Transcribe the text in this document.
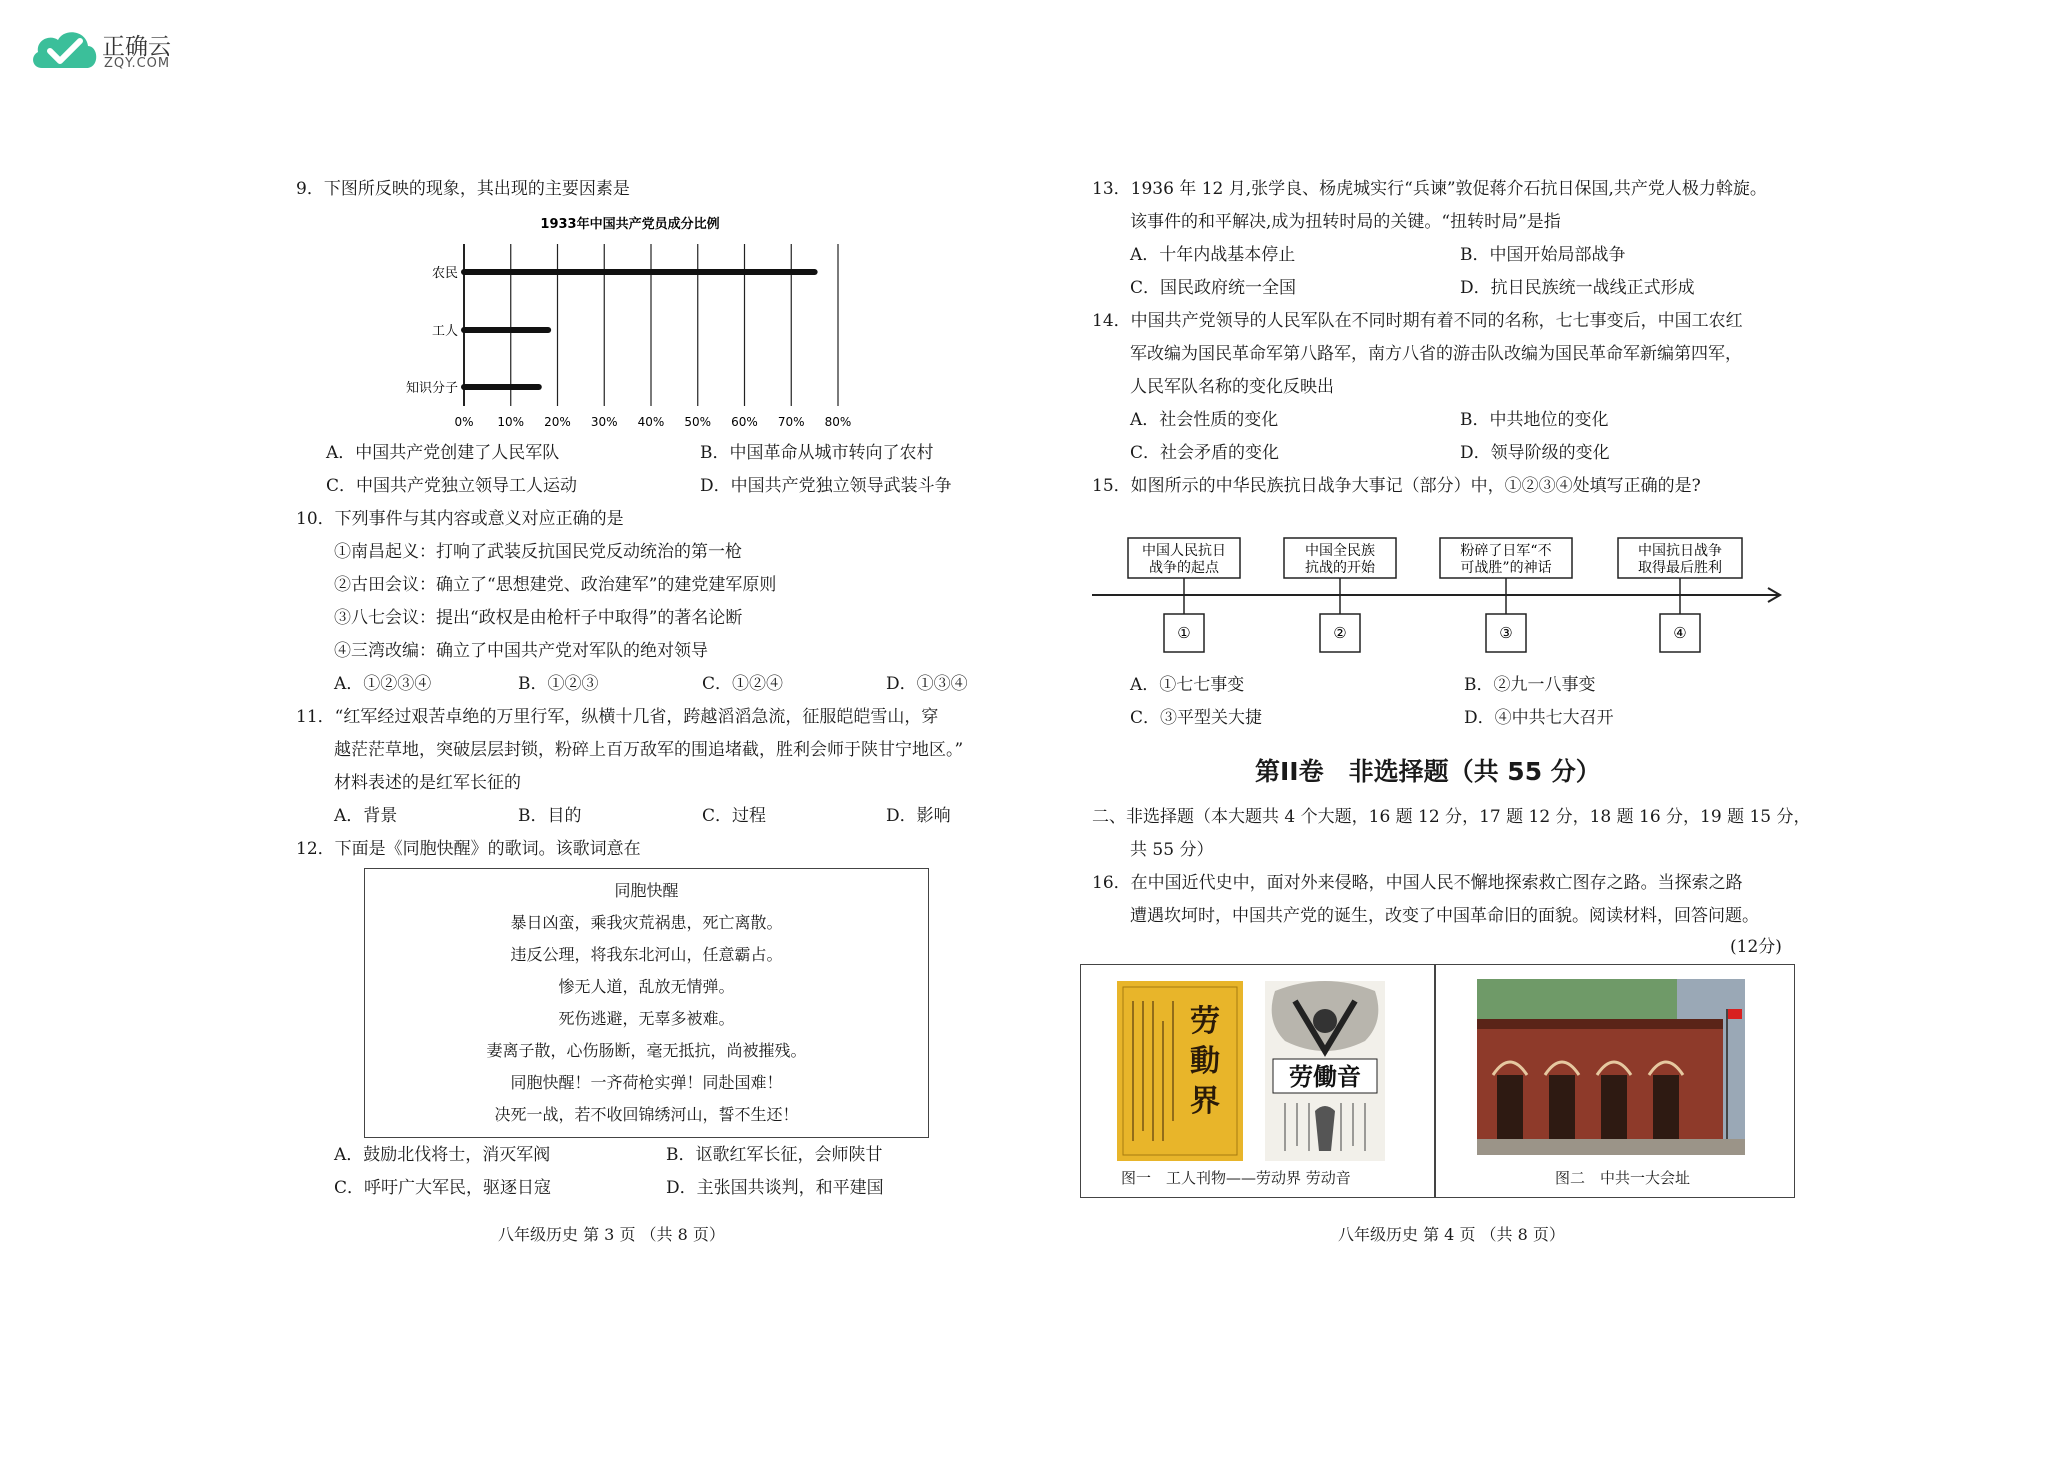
正确云
ZQY.COM
9．下图所反映的现象，其出现的主要因素是
1933年中国共产党员成分比例
农民
工人
知识分子
0% 10% 20% 30% 40% 50% 60% 70% 80%
A．中国共产党创建了人民军队	B．中国革命从城市转向了农村
C．中国共产党独立领导工人运动	D．中国共产党独立领导武装斗争
10．下列事件与其内容或意义对应正确的是
①南昌起义：打响了武装反抗国民党反动统治的第一枪
②古田会议：确立了“思想建党、政治建军”的建党建军原则
③八七会议：提出“政权是由枪杆子中取得”的著名论断
④三湾改编：确立了中国共产党对军队的绝对领导
A．①②③④	B．①②③	C．①②④	D．①③④
11．“红军经过艰苦卓绝的万里行军，纵横十几省，跨越滔滔急流，征服皑皑雪山，穿
越茫茫草地，突破层层封锁，粉碎上百万敌军的围追堵截，胜利会师于陕甘宁地区。”
材料表述的是红军长征的
A．背景	B．目的	C．过程	D．影响
12．下面是《同胞快醒》的歌词。该歌词意在
同胞快醒
暴日凶蛮，乘我灾荒祸患，死亡离散。
违反公理，将我东北河山，任意霸占。
惨无人道，乱放无情弹。
死伤逃避，无辜多被难。
妻离子散，心伤肠断，毫无抵抗，尚被摧残。
同胞快醒！一齐荷枪实弹！同赴国难！
决死一战，若不收回锦绣河山，誓不生还！
A．鼓励北伐将士，消灭军阀	B．讴歌红军长征，会师陕甘
C．呼吁广大军民，驱逐日寇	D．主张国共谈判，和平建国
八年级历史 第 3 页 （共 8 页）
13．1936 年 12 月,张学良、杨虎城实行“兵谏”敦促蒋介石抗日保国,共产党人极力斡旋。
该事件的和平解决,成为扭转时局的关键。“扭转时局”是指
A．十年内战基本停止	B．中国开始局部战争
C．国民政府统一全国	D．抗日民族统一战线正式形成
14．中国共产党领导的人民军队在不同时期有着不同的名称，七七事变后，中国工农红
军改编为国民革命军第八路军，南方八省的游击队改编为国民革命军新编第四军，
人民军队名称的变化反映出
A．社会性质的变化	B．中共地位的变化
C．社会矛盾的变化	D．领导阶级的变化
15．如图所示的中华民族抗日战争大事记（部分）中，①②③④处填写正确的是?
中国人民抗日
战争的起点
①
中国全民族
抗战的开始
②
粉碎了日军“不
可战胜”的神话
③
中国抗日战争
取得最后胜利
④
A．①七七事变	B．②九一八事变
C．③平型关大捷	D．④中共七大召开
第II卷　非选择题（共 55 分）
二、非选择题（本大题共 4 个大题，16 题 12 分，17 题 12 分，18 题 16 分，19 题 15 分，
共 55 分）
16．在中国近代史中，面对外来侵略，中国人民不懈地探索救亡图存之路。当探索之路
遭遇坎坷时，中国共产党的诞生，改变了中国革命旧的面貌。阅读材料，回答问题。
(12分)
劳
動
界
劳働音
图一　工人刊物——劳动界 劳动音	图二　中共一大会址
八年级历史 第 4 页 （共 8 页）
